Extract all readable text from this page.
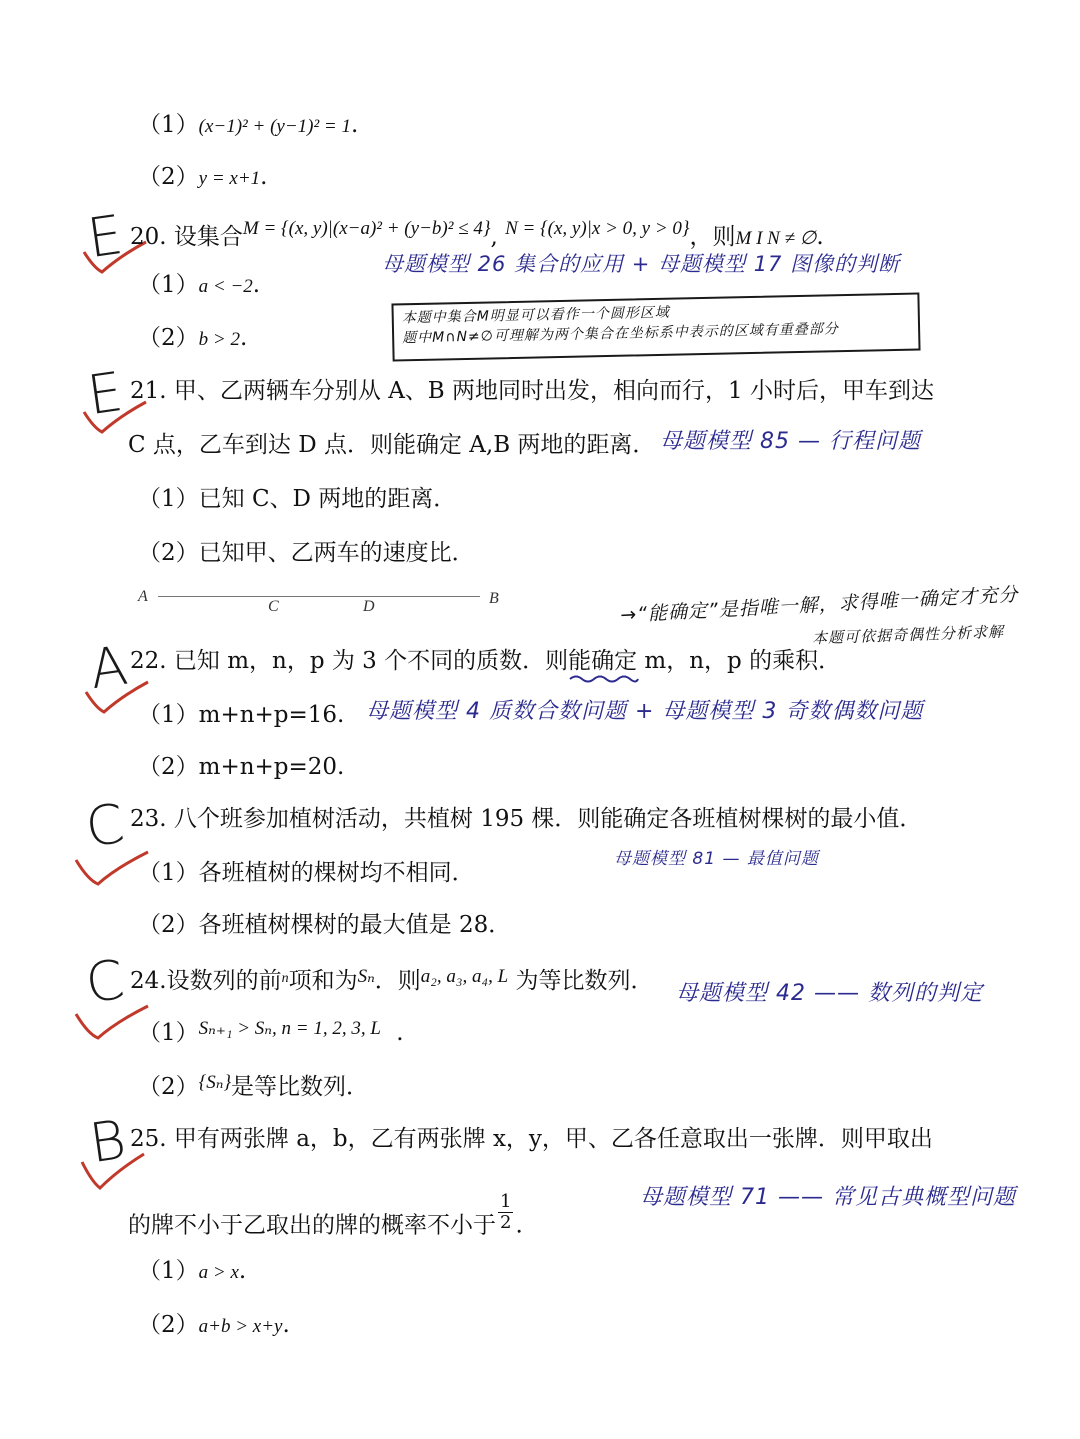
（1）(x−1)² + (y−1)² = 1.
（2）y = x+1.
E 20. 设集合$^{M = \{(x, y)|(x-a)^2 + (y-b)^2 \le 4\}}$, $^{N = \{(x, y)|x > 0, y > 0\}}$，则M I N ≠ ∅.
母题模型 26 集合的应用 + 母题模型 17 图像的判断
（1）a < −2.
（2）b > 2.
本题中集合M明显可以看作一个圆形区域
题中M∩N≠∅可理解为两个集合在坐标系中表示的区域有重叠部分
E 21. 甲、乙两辆车分别从 A、B 两地同时出发，相向而行，1 小时后，甲车到达
C 点，乙车到达 D 点．则能确定 A,B 两地的距离． 母题模型 85 — 行程问题
（1）已知 C、D 两地的距离．
（2）已知甲、乙两车的速度比．
A
C	D	B	→“能确定”是指唯一解，求得唯一确定才充分
本题可依据奇偶性分析求解
A
22. 已知 m，n，p 为 3 个不同的质数．则能确定
m，n，p 的乘积．
（1）m+n+p=16. 母题模型 4 质数合数问题 + 母题模型 3 奇数偶数问题
（2）m+n+p=20.
C 23. 八个班参加植树活动，共植树 195 棵．则能确定各班植树棵树的最小值．
母题模型 81 — 最值问题
（1）各班植树的棵树均不相同．
（2）各班植树棵树的最大值是 28．
C 24.设数列的前$^n$项和为$^{S_n}$．则$^{a_2, a_3, a_4, L}$ 为等比数列． 母题模型 42 —— 数列的判定
$(1)^{S_{n+1} > S_n, n = 1, 2, 3, L}$ .
$(2)^{\{S_n\}}$是等比数列．
B 25. 甲有两张牌 a，b，乙有两张牌 x，y，甲、乙各任意取出一张牌．则甲取出
的牌不小于乙取出的牌的概率不小于 $\frac{1}{2}$ .
母题模型 71 —— 常见古典概型问题
（1）a > x.
（2）a+b > x+y.
